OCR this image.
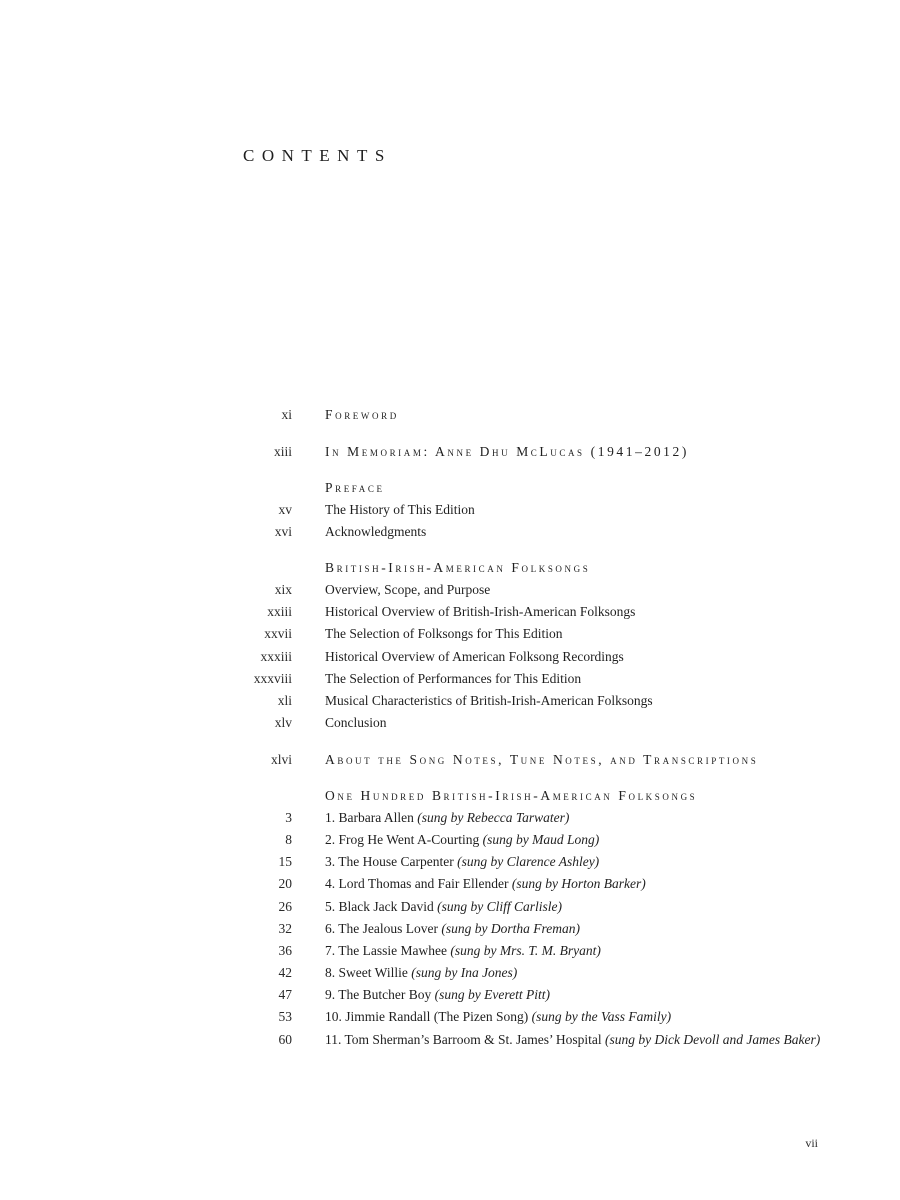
CONTENTS
xi Foreword
xiii In Memoriam: Anne Dhu McLucas (1941–2012)
Preface
xv The History of This Edition
xvi Acknowledgments
British-Irish-American Folksongs
xix Overview, Scope, and Purpose
xxiii Historical Overview of British-Irish-American Folksongs
xxvii The Selection of Folksongs for This Edition
xxxiii Historical Overview of American Folksong Recordings
xxxviii The Selection of Performances for This Edition
xli Musical Characteristics of British-Irish-American Folksongs
xlv Conclusion
xlvi About the Song Notes, Tune Notes, and Transcriptions
One Hundred British-Irish-American Folksongs
3 1. Barbara Allen (sung by Rebecca Tarwater)
8 2. Frog He Went A-Courting (sung by Maud Long)
15 3. The House Carpenter (sung by Clarence Ashley)
20 4. Lord Thomas and Fair Ellender (sung by Horton Barker)
26 5. Black Jack David (sung by Cliff Carlisle)
32 6. The Jealous Lover (sung by Dortha Freman)
36 7. The Lassie Mawhee (sung by Mrs. T. M. Bryant)
42 8. Sweet Willie (sung by Ina Jones)
47 9. The Butcher Boy (sung by Everett Pitt)
53 10. Jimmie Randall (The Pizen Song) (sung by the Vass Family)
60 11. Tom Sherman’s Barroom & St. James’ Hospital (sung by Dick Devoll and James Baker)
vii
